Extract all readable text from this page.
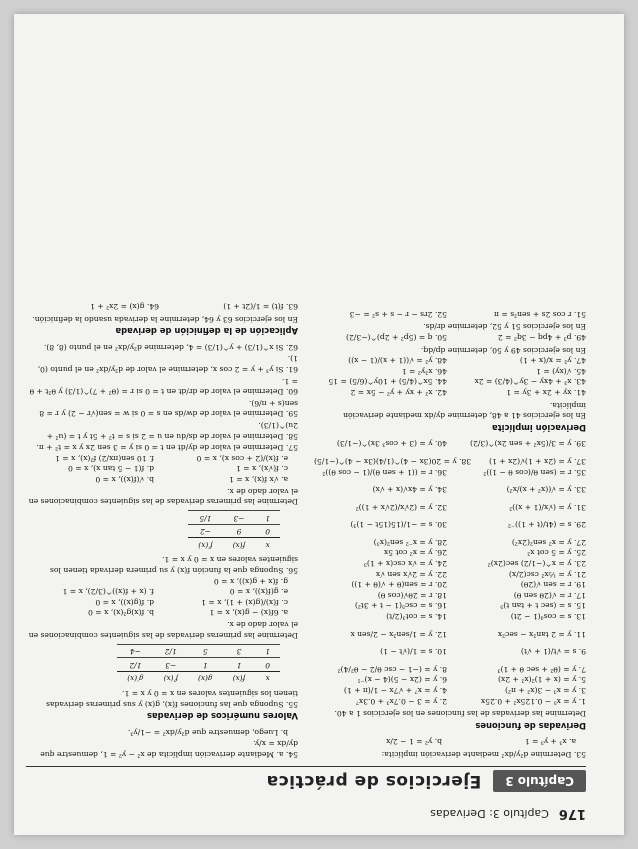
176
Capítulo 3: Derivadas
Capítulo 3
Ejercicios de práctica

53. Determine d²y/dx² mediante derivación implícita:

a. x³ + y³ = 1
b. y² = 1 − 2/x

Derivadas de funciones

Determine las derivadas de las funciones en los ejercicios 1 a 40.

1. y = x⁵ − 0.125x² + 0.25x
2. y = 3 − 0.7x³ + 0.3x⁷
3. y = x³ − 3(x² + π²)
4. y = x⁷ + √7x − 1/(π + 1)
5. y = (x + 1)²(x² + 2x)
6. y = (2x − 5)(4 − x)⁻¹
7. y = (θ² + sec θ + 1)³
8. y = (−1 − csc θ/2 − θ²/4)²
9. s = √t/(1 + √t)
10. s = 1/(√t − 1)
11. y = 2 tan²x − sec²x
12. y = 1/sen²x − 2/sen x
13. s = cos⁴(1 − 2t)
14. s = cot³(2/t)
15. s = (sec t + tan t)⁵
16. s = csc⁵(1 − t + 3t²)
17. r = √(2θ sen θ)
18. r = 2θ√(cos θ)
19. r = sen √(2θ)
20. r = sen(θ + √(θ + 1))
21. y = ½x² csc(2/x)
22. y = 2√x sen √x
23. y = x^(−1/2) sec(2x)²
24. y = √x csc(x + 1)³
25. y = 5 cot x²
26. y = x² cot 5x
27. y = x² sen²(2x²)
28. y = x⁻² sen²(x³)
29. s = (4t/(t + 1))⁻²
30. s = −1/(15(15t − 1)³)
31. y = (√x/(1 + x))²
32. y = (2√x/(2√x + 1))²
33. y = √((x² + x)/x²)
34. y = 4x√(x + √x)
35. r = (sen θ/(cos θ − 1))²
36. r = ((1 + sen θ)/(1 − cos θ))²
37. y = (2x + 1)√(2x + 1)
38. y = 20(3x − 4)^(1/4)(3x − 4)^(−1/5)
39. y = 3/(5x² + sen 2x)^(3/2)
40. y = (3 + cos³ 3x)^(−1/3)

Derivación implícita

En los ejercicios 41 a 48, determine dy/dx mediante derivación implícita.

41. xy + 2x + 3y = 1
42. x² + xy + y² − 5x = 2
43. x³ + 4xy − 3y^(4/3) = 2x
44. 5x^(4/5) + 10y^(6/5) = 15
45. √(xy) = 1
46. x²y² = 1
47. y² = x/(x + 1)
48. y² = √((1 + x)/(1 − x))

En los ejercicios 49 y 50, determine dp/dq.

49. p³ + 4pq − 3q² = 2
50. q = (5p² + 2p)^(−3/2)

En los ejercicios 51 y 52, determine dr/ds.

51. r cos 2s + sen²s = π
52. 2rs − r − s + s² = −3

54. a. Mediante derivación implícita de x² − y² = 1, demuestre que dy/dx = x/y.

b. Luego, demuestre que d²y/dx² = −1/y³.

Valores numéricos de derivadas

55. Suponga que las funciones f(x), g(x) y sus primeras derivadas tienen los siguientes valores en x = 0 y x = 1.

x	f(x)	g(x)	f′(x)	g′(x)
0	1	1	−3	1/2
1	3	5	1/2	−4

Determine las primeras derivadas de las siguientes combinaciones en el valor dado de x.

a. 6f(x) − g(x), x = 1
b. f(x)g²(x), x = 0
c. f(x)/(g(x) + 1), x = 1
d. f(g(x)), x = 0
e. g(f(x)), x = 0
f. (x + f(x))^(3/2), x = 1
g. f(x + g(x)), x = 0

56. Suponga que la función f(x) y su primera derivada tienen los siguientes valores en x = 0 y x = 1.

x	f(x)	f′(x)
0	9	−2
1	−3	1/5

Determine las primeras derivadas de las siguientes combinaciones en el valor dado de x.

a. √x f(x), x = 1
b. √(f(x)), x = 0
c. f(√x), x = 1
d. f(1 − 5 tan x), x = 0
e. f(x)/(2 + cos x), x = 0
f. 10 sen(πx/2) f²(x), x = 1

57. Determine el valor de dy/dt en t = 0 si y = 3 sen 2x y x = t² + π.

58. Determine el valor de ds/du en u = 2 si s = t² + 5t y t = (u² + 2u)^(1/3).

59. Determine el valor de dw/ds en s = 0 si w = sen(√r − 2) y r = 8 sen(s + π/6).

60. Determine el valor de dr/dt en t = 0 si r = (θ² + 7)^(1/3) y θ²t + θ = 1.

61. Si y³ + y = 2 cos x, determine el valor de d²y/dx² en el punto (0, 1).

62. Si x^(1/3) + y^(1/3) = 4, determine d²y/dx² en el punto (8, 8).

Aplicación de la definición de derivada

En los ejercicios 63 y 64, determine la derivada usando la definición.

63. f(t) = 1/(2t + 1)
64. g(x) = 2x² + 1
